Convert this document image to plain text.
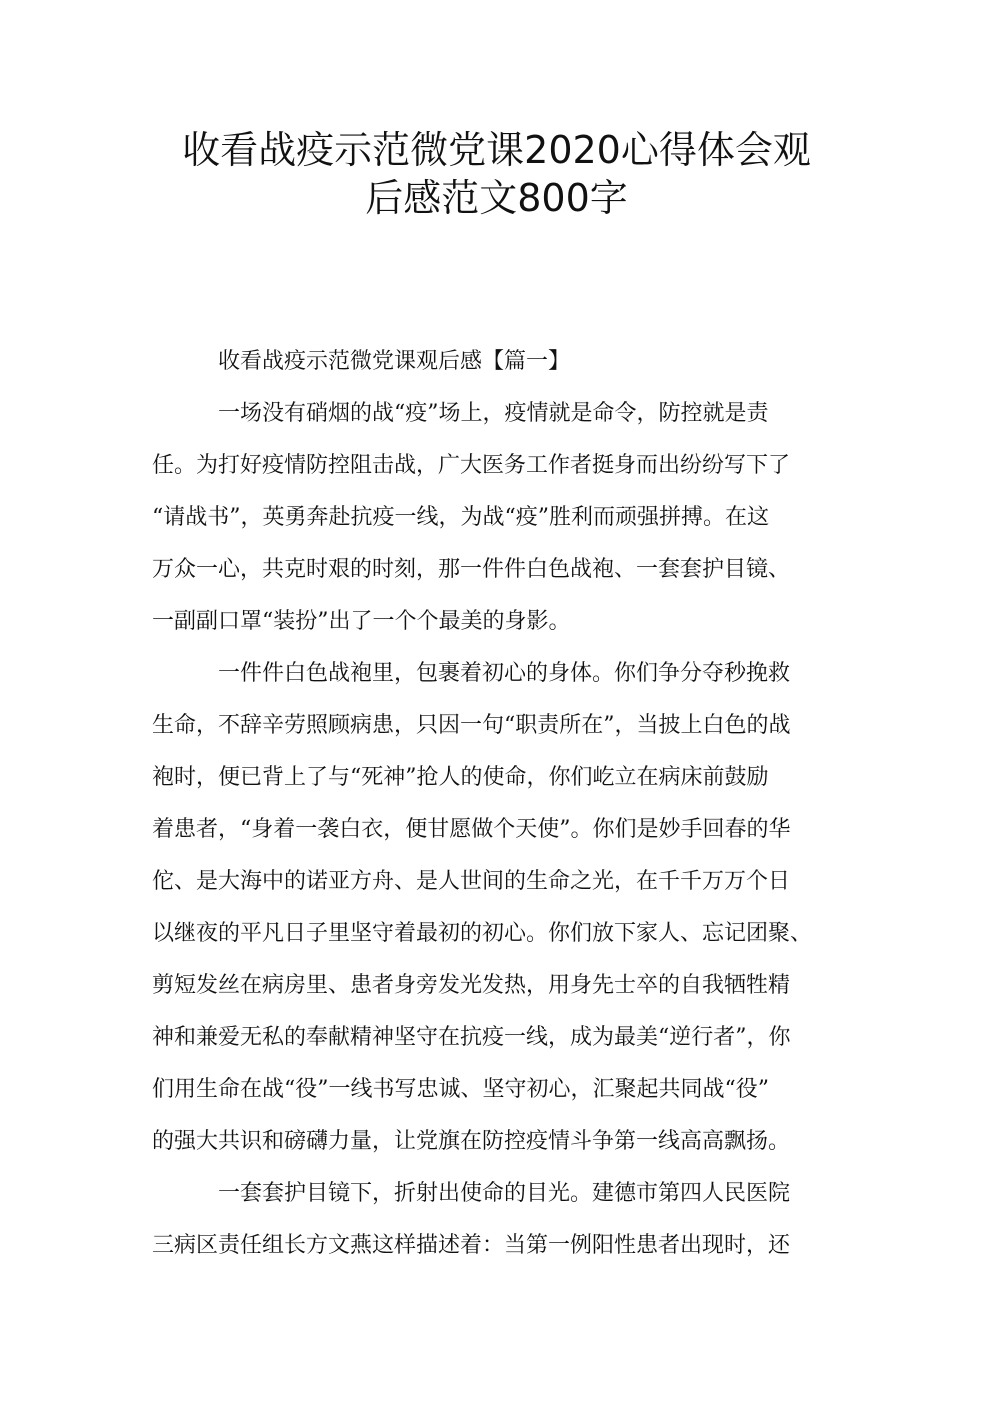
收看战疫示范微党课2020心得体会观
后感范文800字
收看战疫示范微党课观后感【篇一】
一场没有硝烟的战“疫”场上，疫情就是命令，防控就是责
任。为打好疫情防控阻击战，广大医务工作者挺身而出纷纷写下了
“请战书”，英勇奔赴抗疫一线，为战“疫”胜利而顽强拼搏。在这
万众一心，共克时艰的时刻，那一件件白色战袍、一套套护目镜、
一副副口罩“装扮”出了一个个最美的身影。
一件件白色战袍里，包裹着初心的身体。你们争分夺秒挽救
生命，不辞辛劳照顾病患，只因一句“职责所在”，当披上白色的战
袍时，便已背上了与“死神”抢人的使命，你们屹立在病床前鼓励
着患者，“身着一袭白衣，便甘愿做个天使”。你们是妙手回春的华
佗、是大海中的诺亚方舟、是人世间的生命之光，在千千万万个日
以继夜的平凡日子里坚守着最初的初心。你们放下家人、忘记团聚、
剪短发丝在病房里、患者身旁发光发热，用身先士卒的自我牺牲精
神和兼爱无私的奉献精神坚守在抗疫一线，成为最美“逆行者”，你
们用生命在战“役”一线书写忠诚、坚守初心，汇聚起共同战“役”
的强大共识和磅礴力量，让党旗在防控疫情斗争第一线高高飘扬。
一套套护目镜下，折射出使命的目光。建德市第四人民医院
三病区责任组长方文燕这样描述着：当第一例阳性患者出现时，还
